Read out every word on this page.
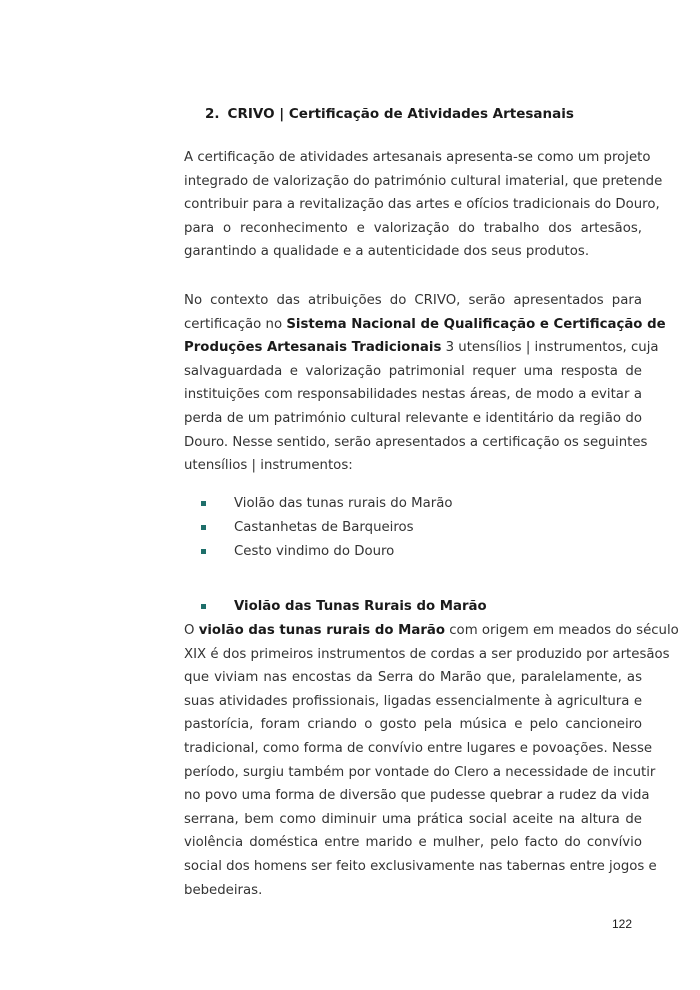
2. CRIVO | Certificação de Atividades Artesanais
A certificação de atividades artesanais apresenta-se como um projeto
integrado de valorização do património cultural imaterial, que pretende
contribuir para a revitalização das artes e ofícios tradicionais do Douro,
para o reconhecimento e valorização do trabalho dos artesãos,
garantindo a qualidade e a autenticidade dos seus produtos.
No contexto das atribuições do CRIVO, serão apresentados para
certificação no Sistema Nacional de Qualificação e Certificação de
Produções Artesanais Tradicionais 3 utensílios | instrumentos, cuja
salvaguardada e valorização patrimonial requer uma resposta de
instituições com responsabilidades nestas áreas, de modo a evitar a
perda de um património cultural relevante e identitário da região do
Douro. Nesse sentido, serão apresentados a certificação os seguintes
utensílios | instrumentos:
Violão das tunas rurais do Marão
Castanhetas de Barqueiros
Cesto vindimo do Douro
Violão das Tunas Rurais do Marão
O violão das tunas rurais do Marão com origem em meados do século
XIX é dos primeiros instrumentos de cordas a ser produzido por artesãos
que viviam nas encostas da Serra do Marão que, paralelamente, as
suas atividades profissionais, ligadas essencialmente à agricultura e
pastorícia, foram criando o gosto pela música e pelo cancioneiro
tradicional, como forma de convívio entre lugares e povoações. Nesse
período, surgiu também por vontade do Clero a necessidade de incutir
no povo uma forma de diversão que pudesse quebrar a rudez da vida
serrana, bem como diminuir uma prática social aceite na altura de
violência doméstica entre marido e mulher, pelo facto do convívio
social dos homens ser feito exclusivamente nas tabernas entre jogos e
bebedeiras.
122
